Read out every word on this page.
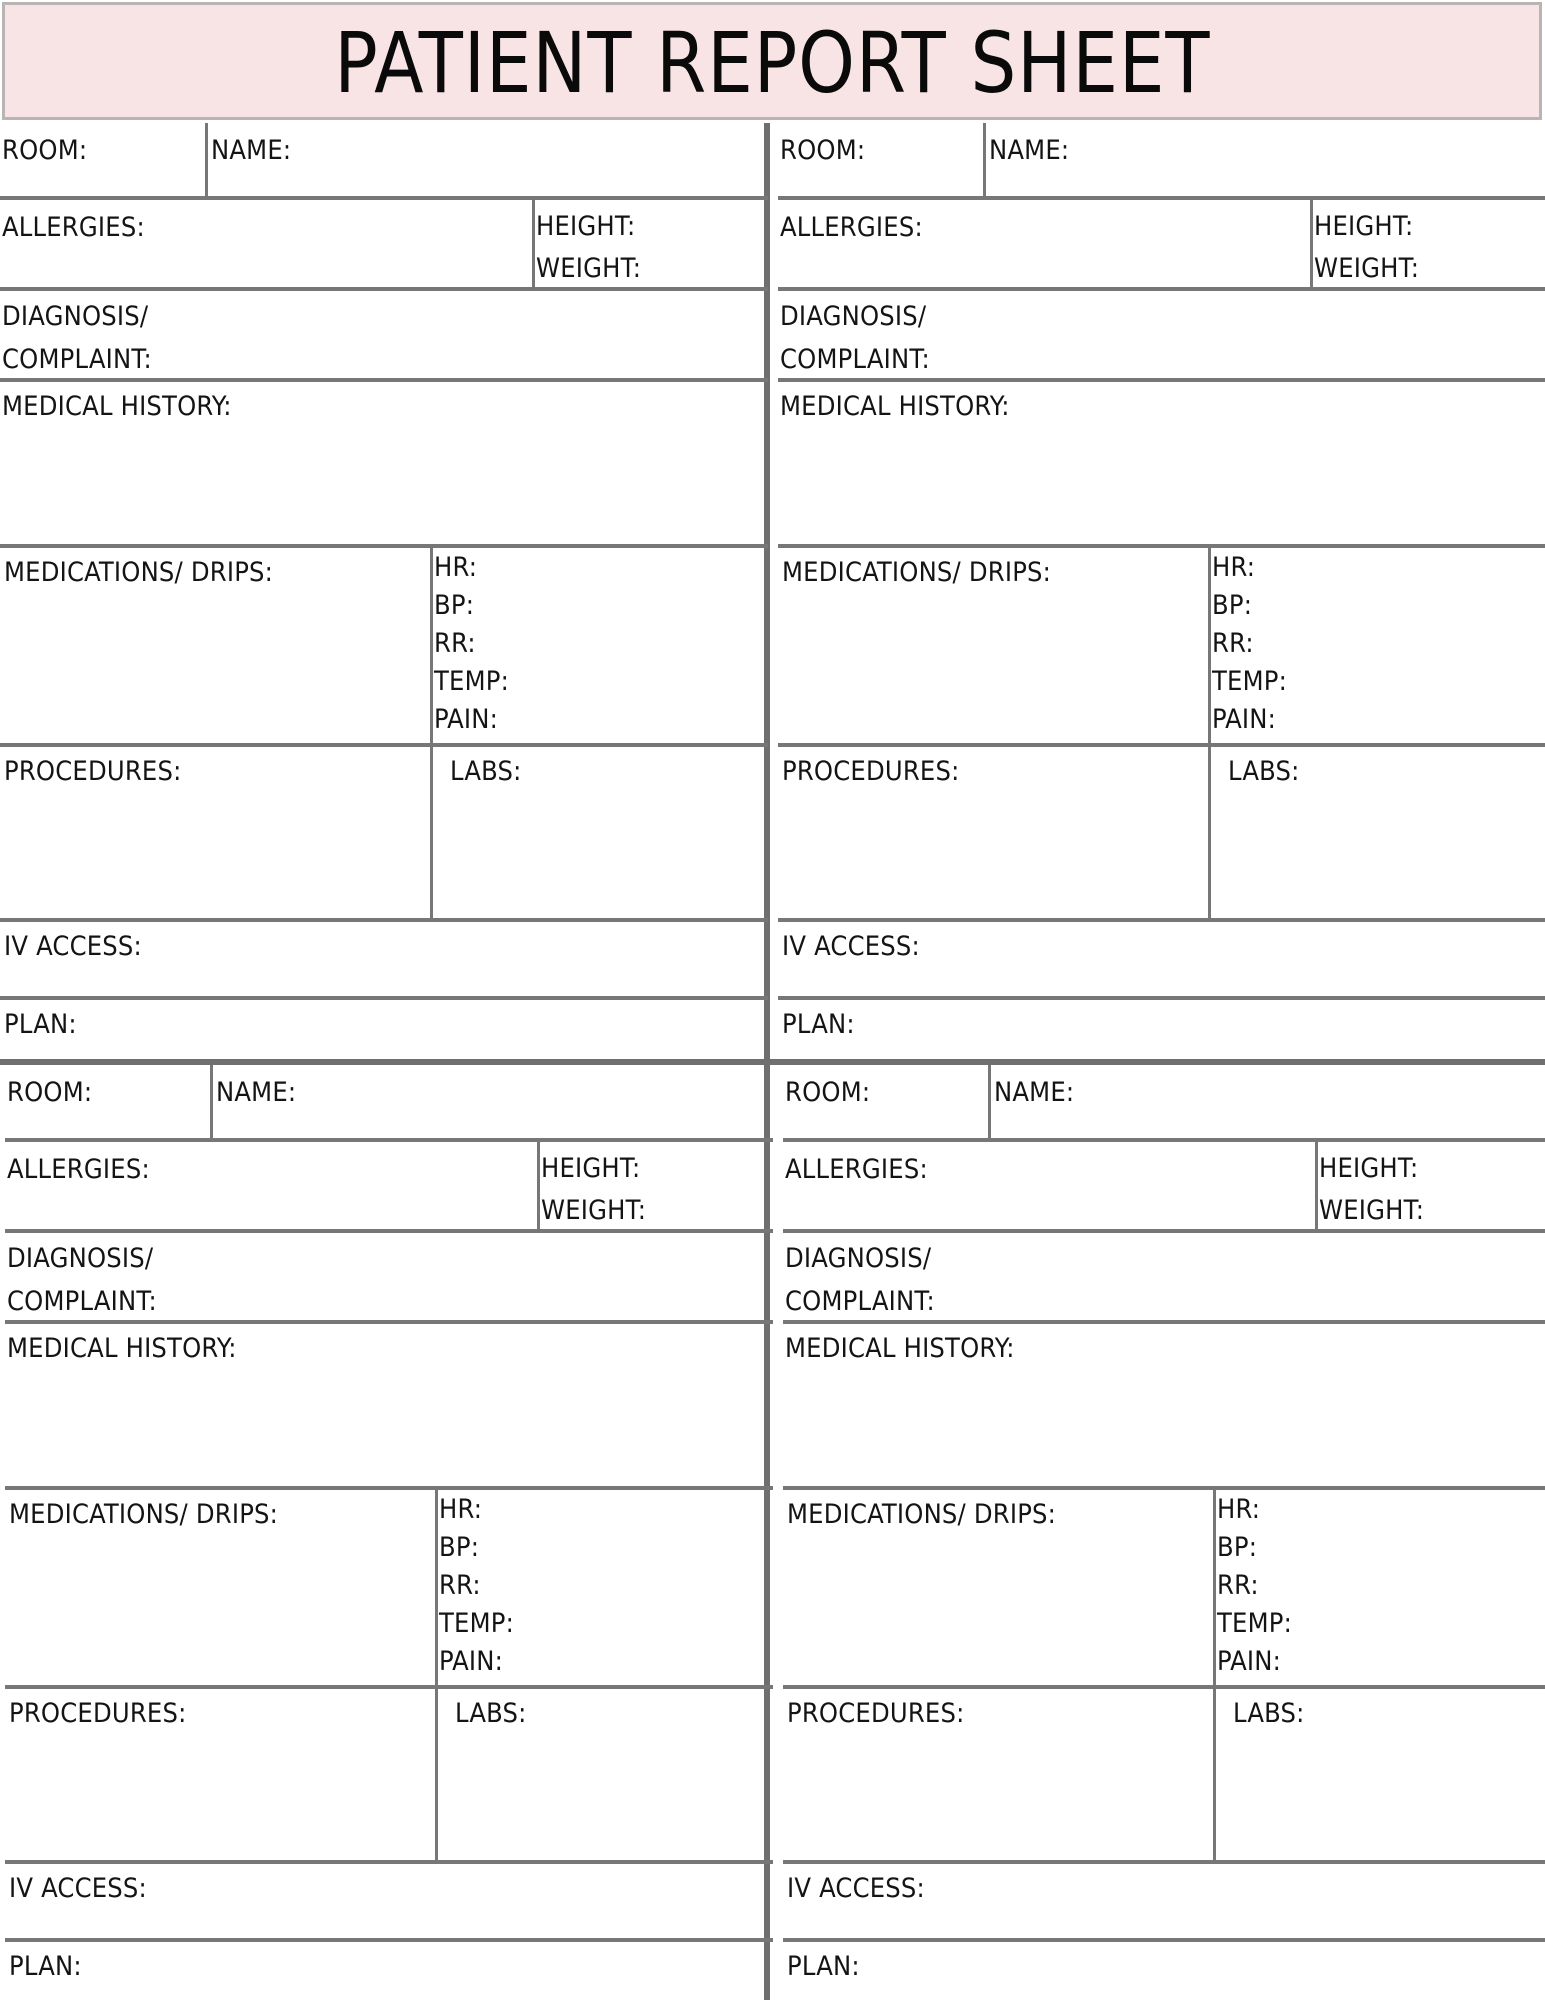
PATIENT REPORT SHEET
ROOM:	NAME:
ALLERGIES:	HEIGHT:
WEIGHT:
DIAGNOSIS/
COMPLAINT:
MEDICAL HISTORY:
MEDICATIONS/ DRIPS:	HR:
BP:
RR:
TEMP:
PAIN:
PROCEDURES:	LABS:
IV ACCESS:
PLAN:
ROOM:	NAME:
ALLERGIES:	HEIGHT:
WEIGHT:
DIAGNOSIS/
COMPLAINT:
MEDICAL HISTORY:
MEDICATIONS/ DRIPS:	HR:
BP:
RR:
TEMP:
PAIN:
PROCEDURES:	LABS:
IV ACCESS:
PLAN:
ROOM:	NAME:
ALLERGIES:	HEIGHT:
WEIGHT:
DIAGNOSIS/
COMPLAINT:
MEDICAL HISTORY:
MEDICATIONS/ DRIPS:	HR:
BP:
RR:
TEMP:
PAIN:
PROCEDURES:	LABS:
IV ACCESS:
PLAN:
ROOM:	NAME:
ALLERGIES:	HEIGHT:
WEIGHT:
DIAGNOSIS/
COMPLAINT:
MEDICAL HISTORY:
MEDICATIONS/ DRIPS:	HR:
BP:
RR:
TEMP:
PAIN:
PROCEDURES:	LABS:
IV ACCESS:
PLAN:
